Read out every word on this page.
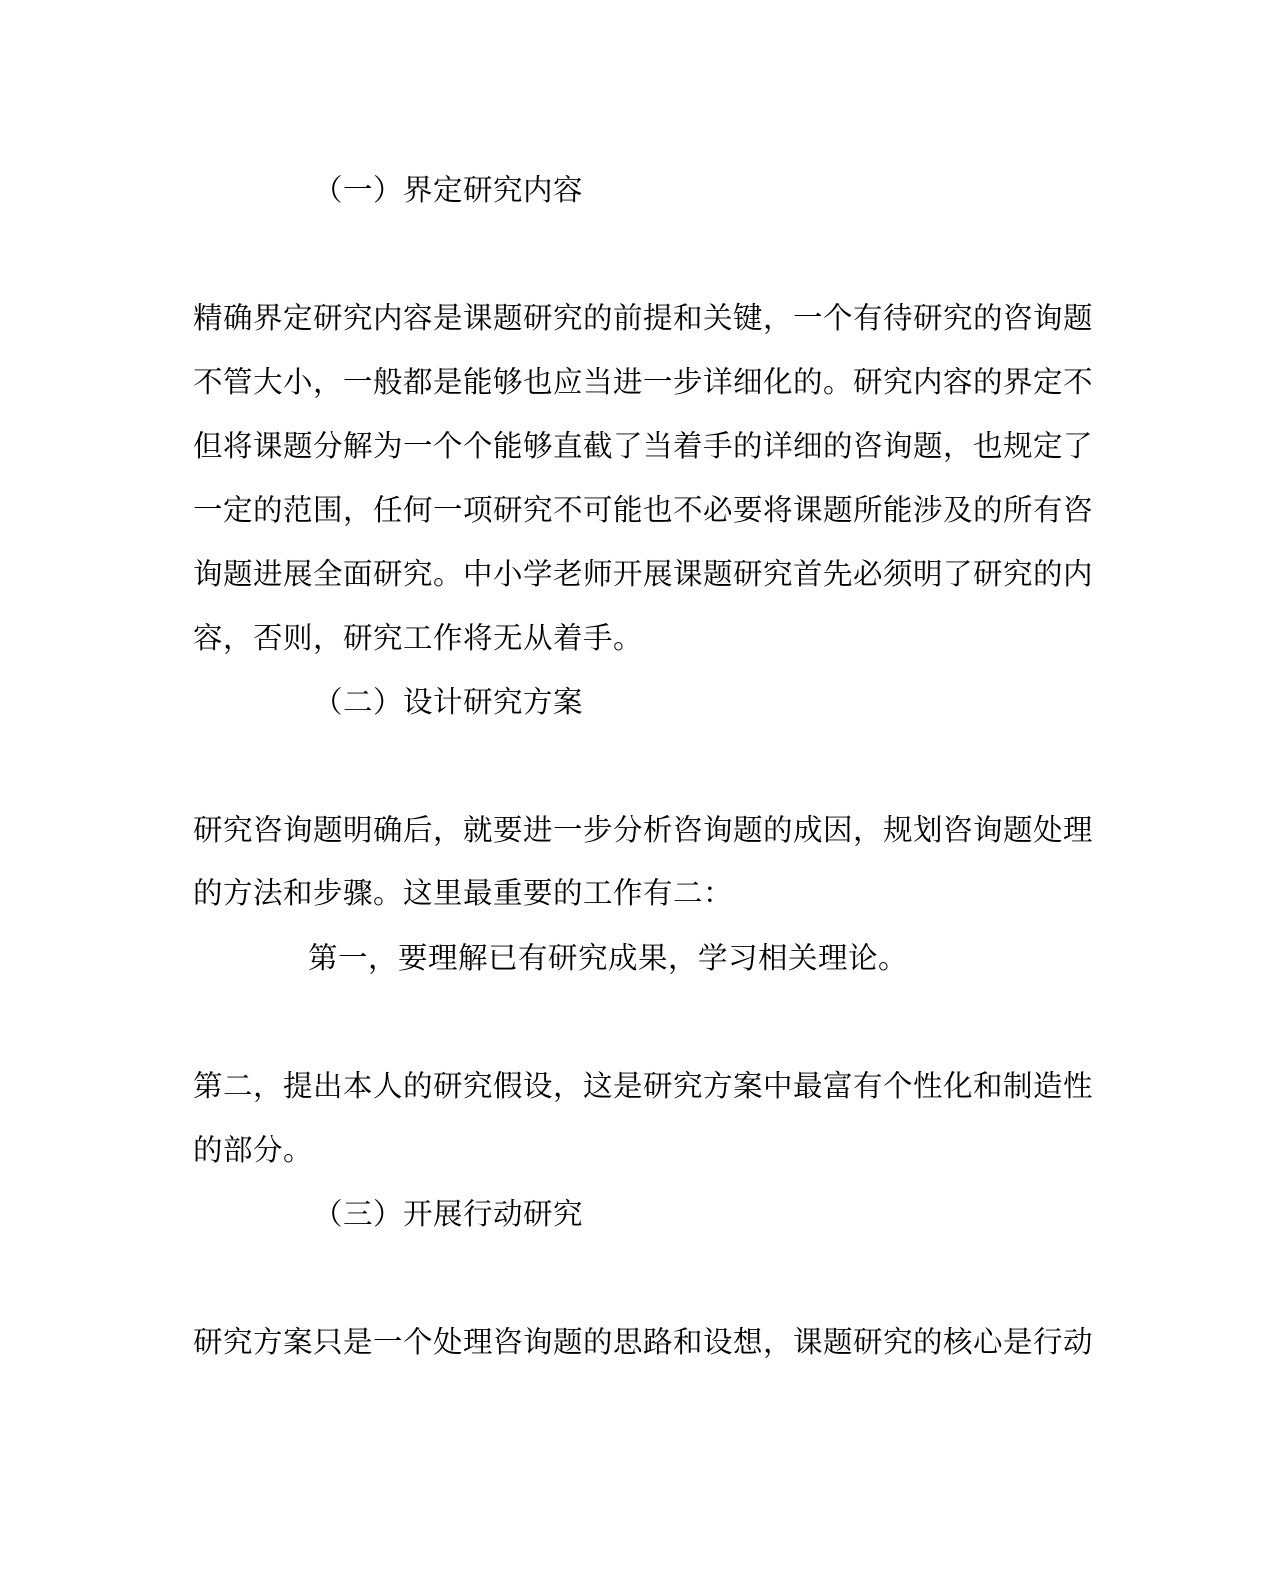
（一）界定研究内容
精确界定研究内容是课题研究的前提和关键，一个有待研究的咨询题
不管大小，一般都是能够也应当进一步详细化的。研究内容的界定不
但将课题分解为一个个能够直截了当着手的详细的咨询题，也规定了
一定的范围，任何一项研究不可能也不必要将课题所能涉及的所有咨
询题进展全面研究。中小学老师开展课题研究首先必须明了研究的内
容，否则，研究工作将无从着手。
（二）设计研究方案
研究咨询题明确后，就要进一步分析咨询题的成因，规划咨询题处理
的方法和步骤。这里最重要的工作有二：
第一，要理解已有研究成果，学习相关理论。
第二，提出本人的研究假设，这是研究方案中最富有个性化和制造性
的部分。
（三）开展行动研究
研究方案只是一个处理咨询题的思路和设想，课题研究的核心是行动
